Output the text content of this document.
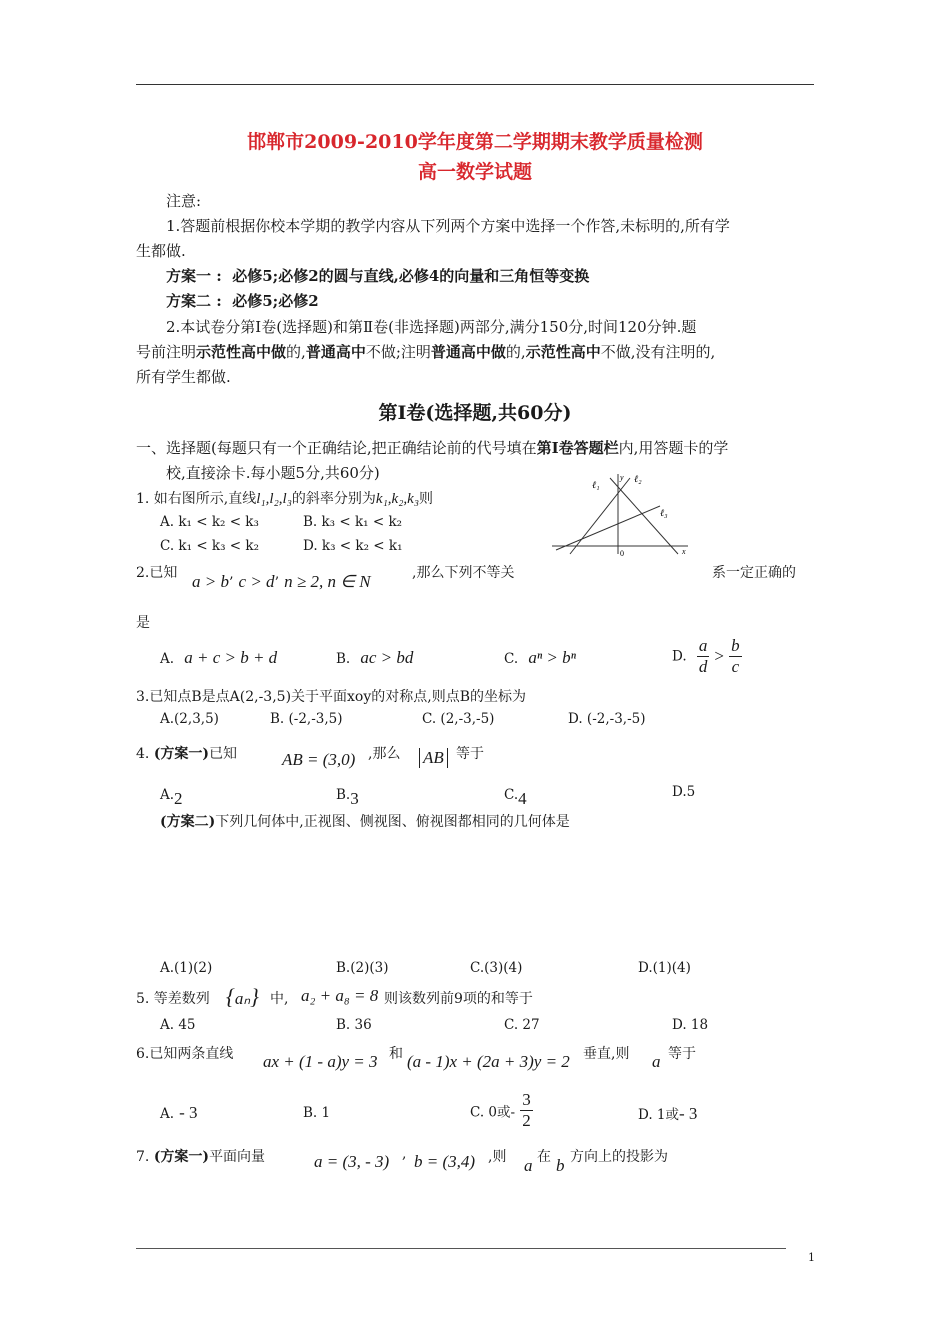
邯郸市2009-2010学年度第二学期期末教学质量检测
高一数学试题
注意:
1.答题前根据你校本学期的教学内容从下列两个方案中选择一个作答,未标明的,所有学
生都做.
方案一 : 必修5;必修2的圆与直线,必修4的向量和三角恒等变换
方案二 : 必修5;必修2
2.本试卷分第Ⅰ卷(选择题)和第Ⅱ卷(非选择题)两部分,满分150分,时间120分钟.题
号前注明示范性高中做的,普通高中不做;注明普通高中做的,示范性高中不做,没有注明的,
所有学生都做.
第Ⅰ卷(选择题,共60分)
一、选择题(每题只有一个正确结论,把正确结论前的代号填在第Ⅰ卷答题栏内,用答题卡的学
校,直接涂卡.每小题5分,共60分)
1. 如右图所示,直线l₁,l₂,l₃的斜率分别为k₁,k₂,k₃则
A. k₁ < k₂ < k₃	B. k₃ < k₁ < k₂
C. k₁ < k₃ < k₂	D. k₃ < k₂ < k₁
ℓ₁
ℓ₂
ℓ₃
y
x
0
2.已知 a > b’ c > d’ n ≥ 2, n ∈ N	,那么下列不等关	系一定正确的
是
A. a + c > b + d	B. ac > bd	C. aⁿ > bⁿ	D. $\frac{a}{d} > \frac{b}{c}$
3.已知点B是点A(2,-3,5)关于平面xoy的对称点,则点B的坐标为
A.(2,3,5)	B. (-2,-3,5)	C. (2,-3,-5)	D. (-2,-3,-5)
4. (方案一)已知	AB = (3,0) ,那么 AB 等于
A.2	B.3	C.4	D.5
(方案二)下列几何体中,正视图、侧视图、俯视图都相同的几何体是
A.(1)(2)	B.(2)(3)	C.(3)(4)	D.(1)(4)
5. 等差数列 {aₙ} 中, a₂ + a₈ = 8 则该数列前9项的和等于
A. 45	B. 36	C. 27	D. 18
6.已知两条直线 ax + (1 - a)y = 3 和 (a - 1)x + (2a + 3)y = 2 垂直,则 a 等于
A. - 3	B. 1	C. 0或- $\frac{3}{2}$	D. 1或- 3
7. (方案一)平面向量	a = (3, - 3) , b = (3,4) ,则 a 在 b 方向上的投影为
1
